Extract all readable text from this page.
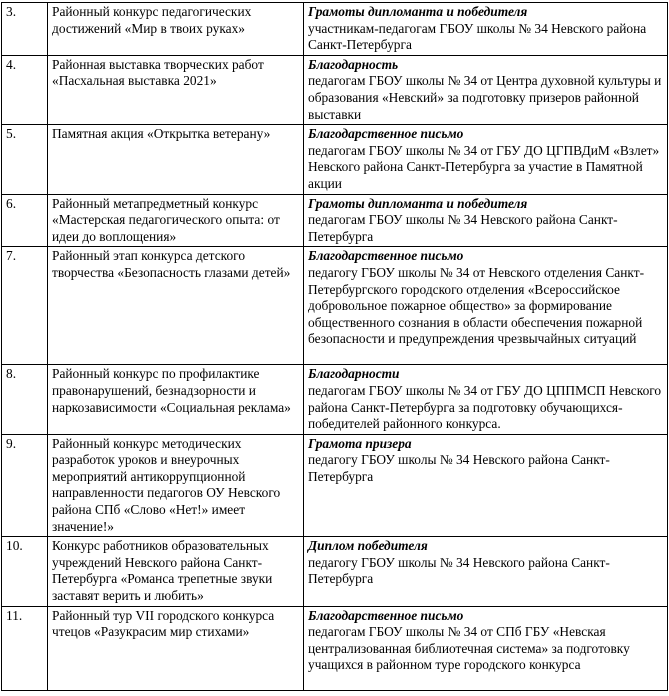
3.	Районный конкурс педагогических достижений «Мир в твоих руках»	Грамоты дипломанта и победителя
участникам-педагогам ГБОУ школы № 34 Невского района Санкт-Петербурга

4.	Районная выставка творческих работ «Пасхальная выставка 2021»	Благодарность
педагогам ГБОУ школы № 34 от Центра духовной культуры и образования «Невский» за подготовку призеров районной выставки

5.	Памятная акция «Открытка ветерану»	Благодарственное письмо
педагогам ГБОУ школы № 34 от ГБУ ДО ЦГПВДиМ «Взлет» Невского района Санкт-Петербурга за участие в Памятной акции

6.	Районный метапредметный конкурс «Мастерская педагогического опыта: от идеи до воплощения»	Грамоты дипломанта и победителя
педагогам ГБОУ школы № 34 Невского района Санкт-Петербурга

7.	Районный этап конкурса детского творчества «Безопасность глазами детей»	Благодарственное письмо
педагогу ГБОУ школы № 34 от Невского отделения Санкт-Петербургского городского отделения «Всероссийское добровольное пожарное общество» за формирование общественного сознания в области обеспечения пожарной безопасности и предупреждения чрезвычайных ситуаций

8.	Районный конкурс по профилактике правонарушений, безнадзорности и наркозависимости «Социальная реклама»	Благодарности
педагогам ГБОУ школы № 34 от ГБУ ДО ЦППМСП Невского района Санкт-Петербурга за подготовку обучающихся-победителей районного конкурса.

9.	Районный конкурс методических разработок уроков и внеурочных мероприятий антикоррупционной направленности педагогов ОУ Невского района СПб «Слово «Нет!» имеет значение!»	Грамота призера
педагогу ГБОУ школы № 34 Невского района Санкт-Петербурга

10.	Конкурс работников образовательных учреждений Невского района Санкт-Петербурга «Романса трепетные звуки заставят верить и любить»	Диплом победителя
педагогу ГБОУ школы № 34 Невского района Санкт-Петербурга

11.	Районный тур VII городского конкурса чтецов «Разукрасим мир стихами»	Благодарственное письмо
педагогам ГБОУ школы № 34 от СПб ГБУ «Невская централизованная библиотечная система» за подготовку учащихся в районном туре городского конкурса
